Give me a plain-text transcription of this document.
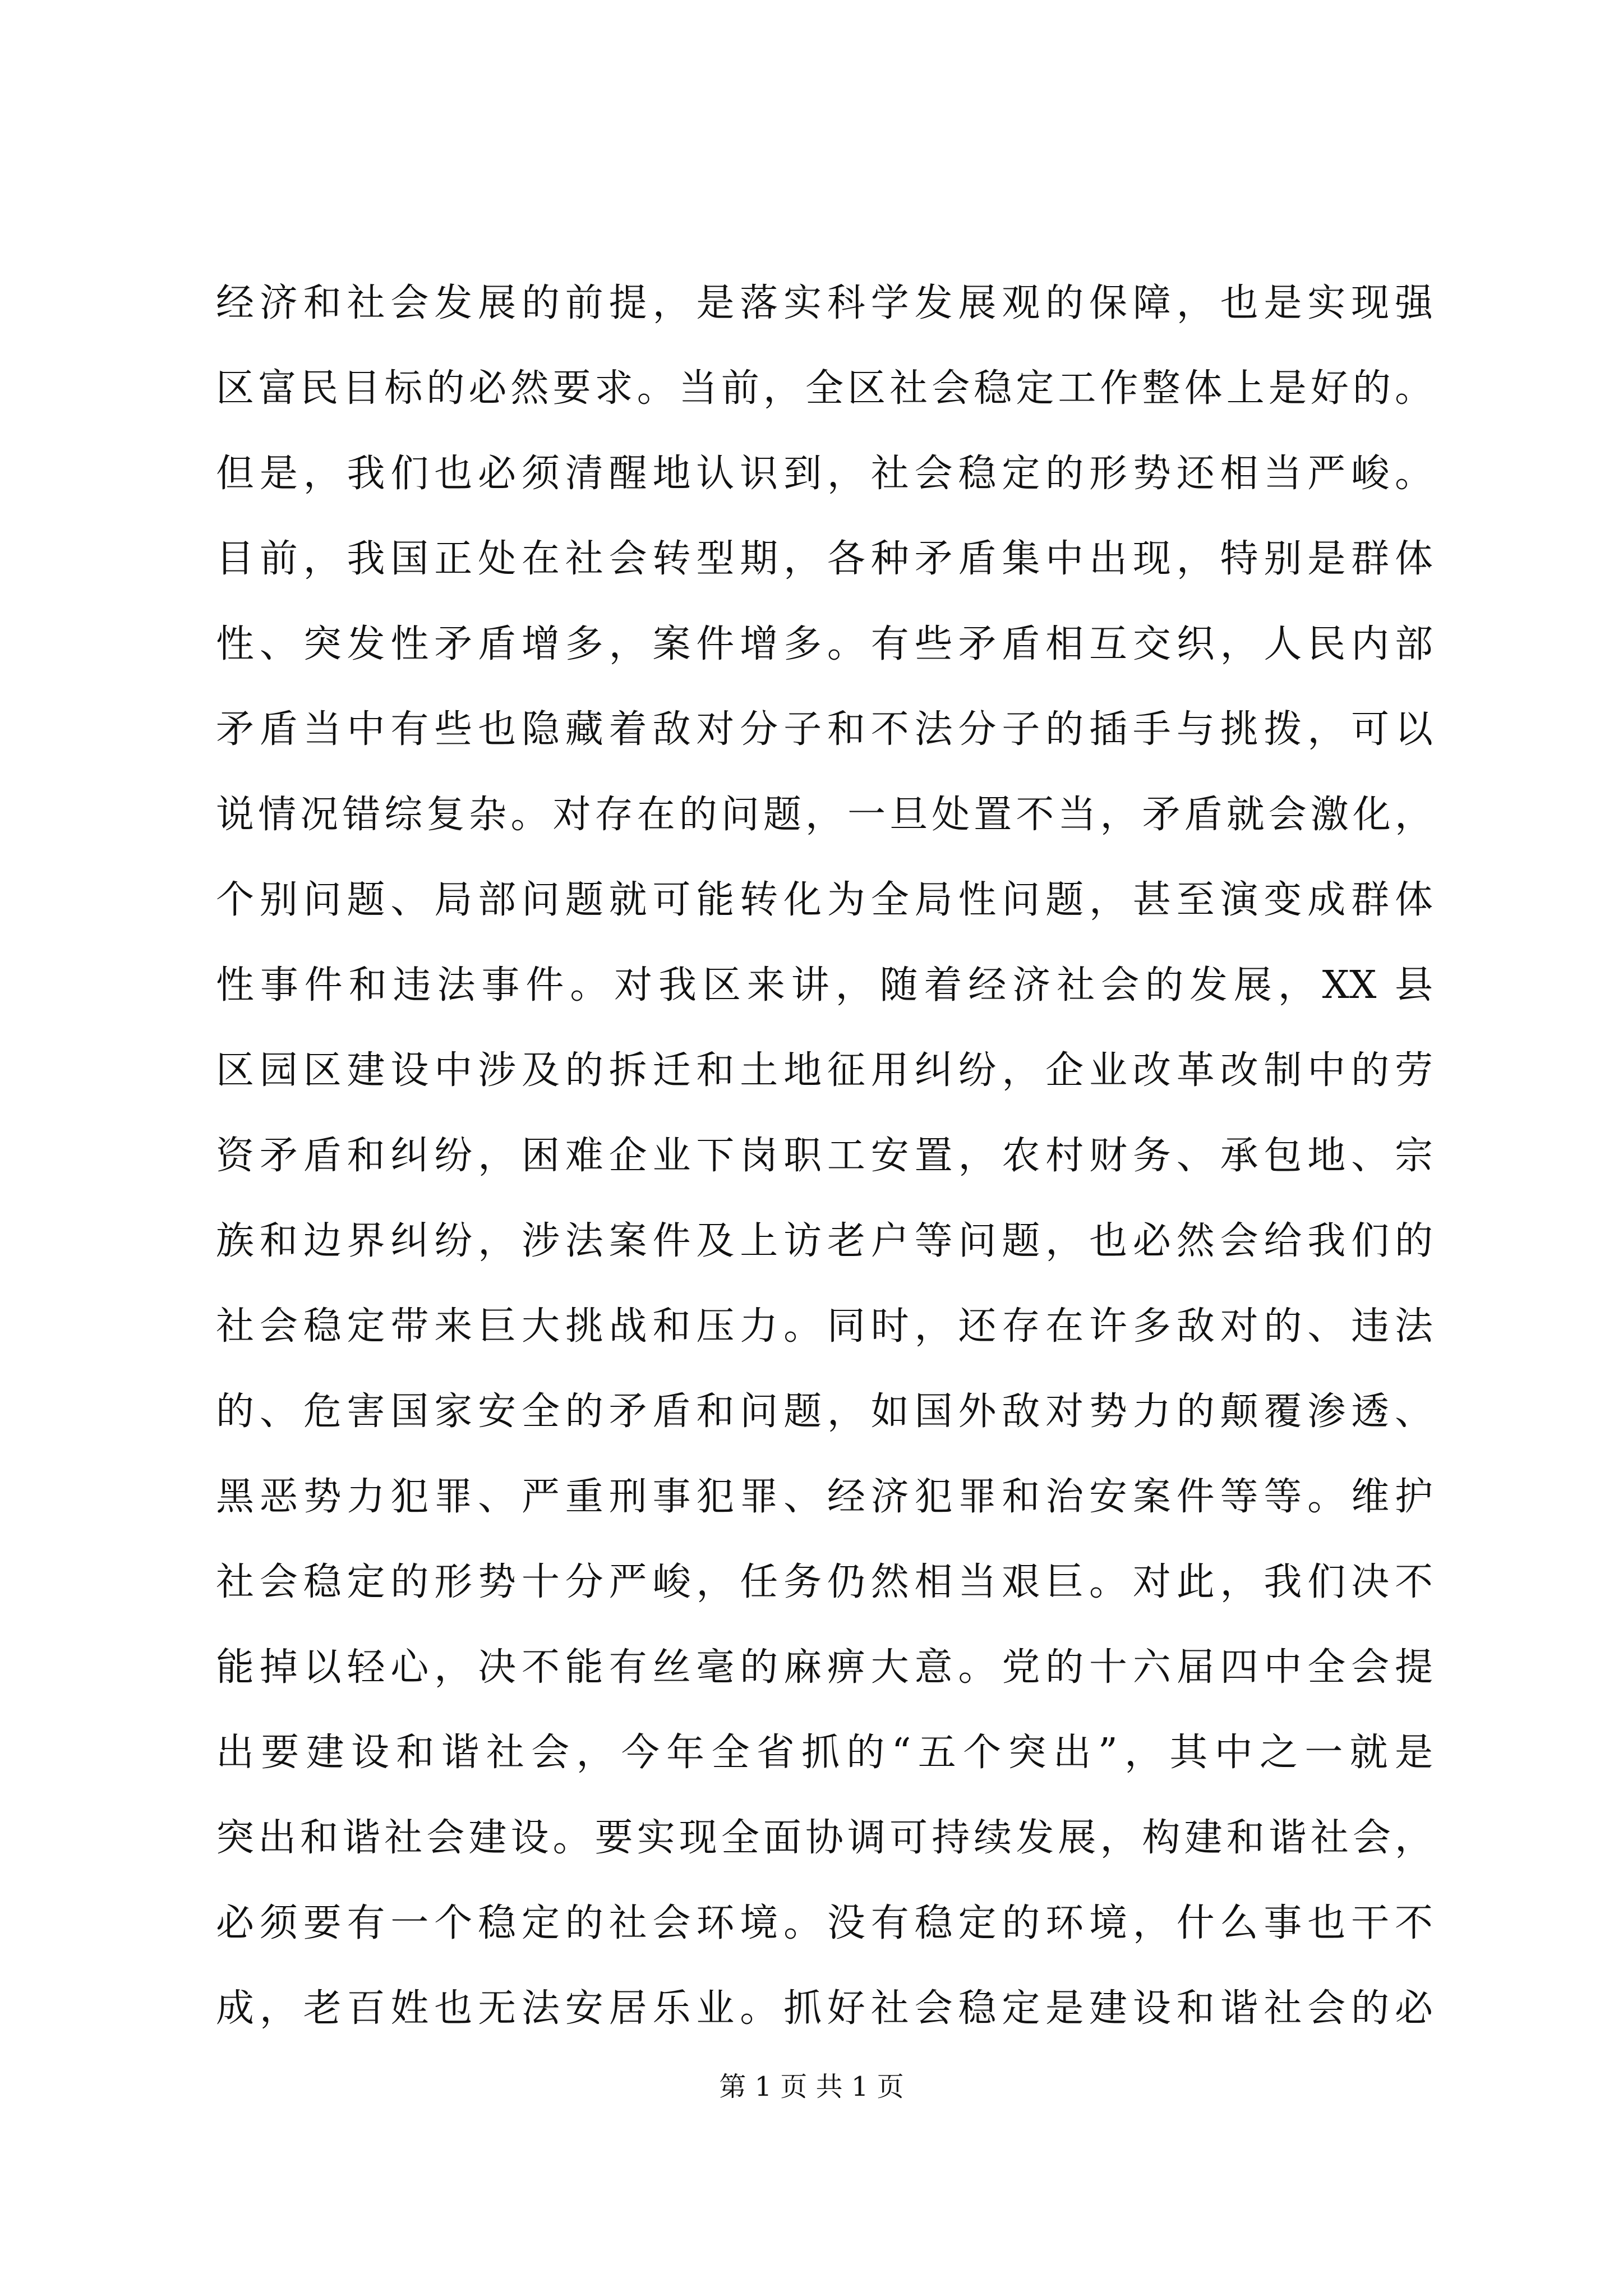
经济和社会发展的前提，是落实科学发展观的保障，也是实现强
区富民目标的必然要求。当前，全区社会稳定工作整体上是好的。
但是，我们也必须清醒地认识到，社会稳定的形势还相当严峻。
目前，我国正处在社会转型期，各种矛盾集中出现，特别是群体
性、突发性矛盾增多，案件增多。有些矛盾相互交织，人民内部
矛盾当中有些也隐藏着敌对分子和不法分子的插手与挑拨，可以
说情况错综复杂。对存在的问题，一旦处置不当，矛盾就会激化，
个别问题、局部问题就可能转化为全局性问题，甚至演变成群体
性事件和违法事件。对我区来讲，随着经济社会的发展，XX 县
区园区建设中涉及的拆迁和土地征用纠纷，企业改革改制中的劳
资矛盾和纠纷，困难企业下岗职工安置，农村财务、承包地、宗
族和边界纠纷，涉法案件及上访老户等问题，也必然会给我们的
社会稳定带来巨大挑战和压力。同时，还存在许多敌对的、违法
的、危害国家安全的矛盾和问题，如国外敌对势力的颠覆渗透、
黑恶势力犯罪、严重刑事犯罪、经济犯罪和治安案件等等。维护
社会稳定的形势十分严峻，任务仍然相当艰巨。对此，我们决不
能掉以轻心，决不能有丝毫的麻痹大意。党的十六届四中全会提
出要建设和谐社会，今年全省抓的“五个突出”，其中之一就是
突出和谐社会建设。要实现全面协调可持续发展，构建和谐社会，
必须要有一个稳定的社会环境。没有稳定的环境，什么事也干不
成，老百姓也无法安居乐业。抓好社会稳定是建设和谐社会的必
第 1 页 共 1 页
